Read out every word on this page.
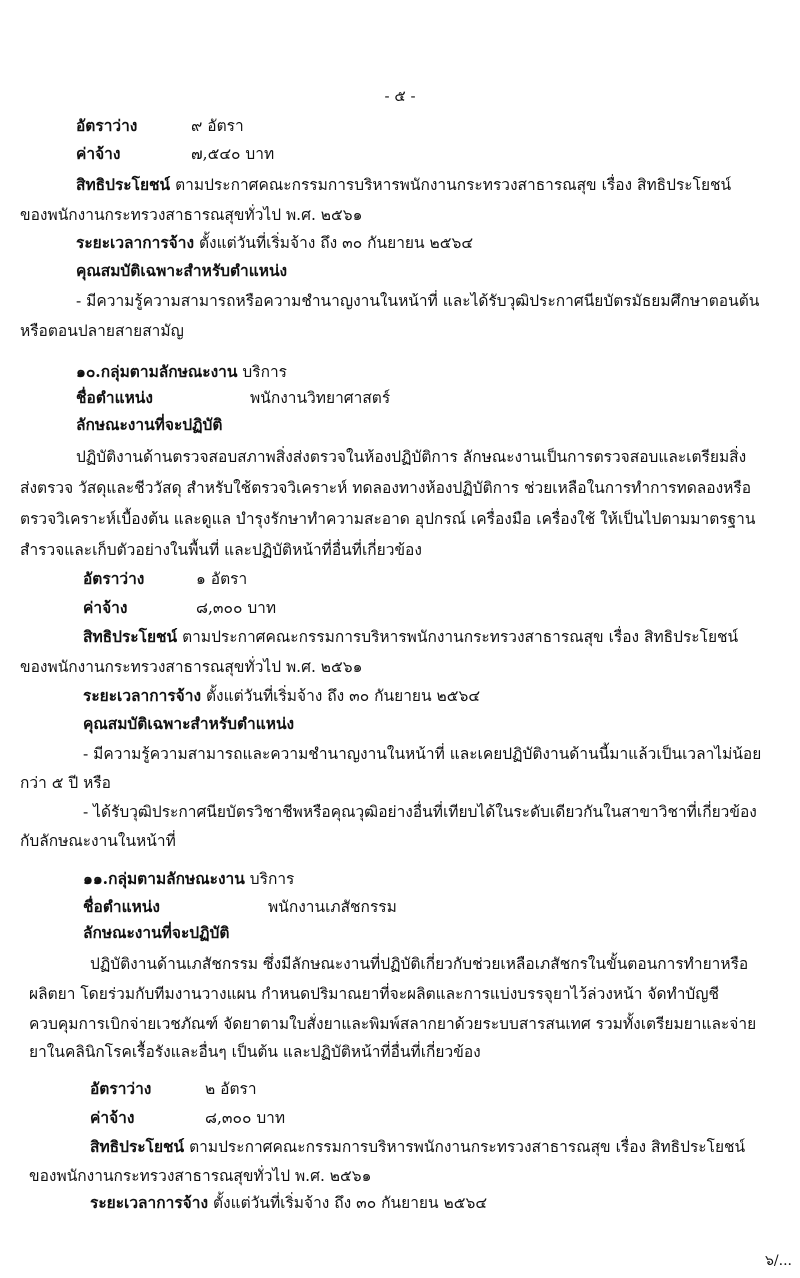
- ๕ -
อัตราว่าง	๙ อัตรา
ค่าจ้าง	๗,๕๔๐ บาท
สิทธิประโยชน์ ตามประกาศคณะกรรมการบริหารพนักงานกระทรวงสาธารณสุข เรื่อง สิทธิประโยชน์
ของพนักงานกระทรวงสาธารณสุขทั่วไป พ.ศ. ๒๕๖๑
ระยะเวลาการจ้าง ตั้งแต่วันที่เริ่มจ้าง ถึง ๓๐ กันยายน ๒๕๖๔
คุณสมบัติเฉพาะสำหรับตำแหน่ง
- มีความรู้ความสามารถหรือความชำนาญงานในหน้าที่ และได้รับวุฒิประกาศนียบัตรมัธยมศึกษาตอนต้น
หรือตอนปลายสายสามัญ
๑๐.กลุ่มตามลักษณะงาน บริการ
ชื่อตำแหน่ง	พนักงานวิทยาศาสตร์
ลักษณะงานที่จะปฏิบัติ
ปฏิบัติงานด้านตรวจสอบสภาพสิ่งส่งตรวจในห้องปฏิบัติการ ลักษณะงานเป็นการตรวจสอบและเตรียมสิ่ง
ส่งตรวจ วัสดุและชีววัสดุ สำหรับใช้ตรวจวิเคราะห์ ทดลองทางห้องปฏิบัติการ ช่วยเหลือในการทำการทดลองหรือ
ตรวจวิเคราะห์เบื้องต้น และดูแล บำรุงรักษาทำความสะอาด อุปกรณ์ เครื่องมือ เครื่องใช้ ให้เป็นไปตามมาตรฐาน
สำรวจและเก็บตัวอย่างในพื้นที่ และปฏิบัติหน้าที่อื่นที่เกี่ยวข้อง
อัตราว่าง	๑ อัตรา
ค่าจ้าง	๘,๓๐๐ บาท
สิทธิประโยชน์ ตามประกาศคณะกรรมการบริหารพนักงานกระทรวงสาธารณสุข เรื่อง สิทธิประโยชน์
ของพนักงานกระทรวงสาธารณสุขทั่วไป พ.ศ. ๒๕๖๑
ระยะเวลาการจ้าง ตั้งแต่วันที่เริ่มจ้าง ถึง ๓๐ กันยายน ๒๕๖๔
คุณสมบัติเฉพาะสำหรับตำแหน่ง
- มีความรู้ความสามารถและความชำนาญงานในหน้าที่ และเคยปฏิบัติงานด้านนี้มาแล้วเป็นเวลาไม่น้อย
กว่า ๕ ปี หรือ
- ได้รับวุฒิประกาศนียบัตรวิชาชีพหรือคุณวุฒิอย่างอื่นที่เทียบได้ในระดับเดียวกันในสาขาวิชาที่เกี่ยวข้อง
กับลักษณะงานในหน้าที่
๑๑.กลุ่มตามลักษณะงาน บริการ
ชื่อตำแหน่ง	พนักงานเภสัชกรรม
ลักษณะงานที่จะปฏิบัติ
ปฏิบัติงานด้านเภสัชกรรม ซึ่งมีลักษณะงานที่ปฏิบัติเกี่ยวกับช่วยเหลือเภสัชกรในขั้นตอนการทำยาหรือ
ผลิตยา โดยร่วมกับทีมงานวางแผน กำหนดปริมาณยาที่จะผลิตและการแบ่งบรรจุยาไว้ล่วงหน้า จัดทำบัญชี
ควบคุมการเบิกจ่ายเวชภัณฑ์ จัดยาตามใบสั่งยาและพิมพ์สลากยาด้วยระบบสารสนเทศ รวมทั้งเตรียมยาและจ่าย
ยาในคลินิกโรคเรื้อรังและอื่นๆ เป็นต้น และปฏิบัติหน้าที่อื่นที่เกี่ยวข้อง
อัตราว่าง	๒ อัตรา
ค่าจ้าง	๘,๓๐๐ บาท
สิทธิประโยชน์ ตามประกาศคณะกรรมการบริหารพนักงานกระทรวงสาธารณสุข เรื่อง สิทธิประโยชน์
ของพนักงานกระทรวงสาธารณสุขทั่วไป พ.ศ. ๒๕๖๑
ระยะเวลาการจ้าง ตั้งแต่วันที่เริ่มจ้าง ถึง ๓๐ กันยายน ๒๕๖๔
๖/...
